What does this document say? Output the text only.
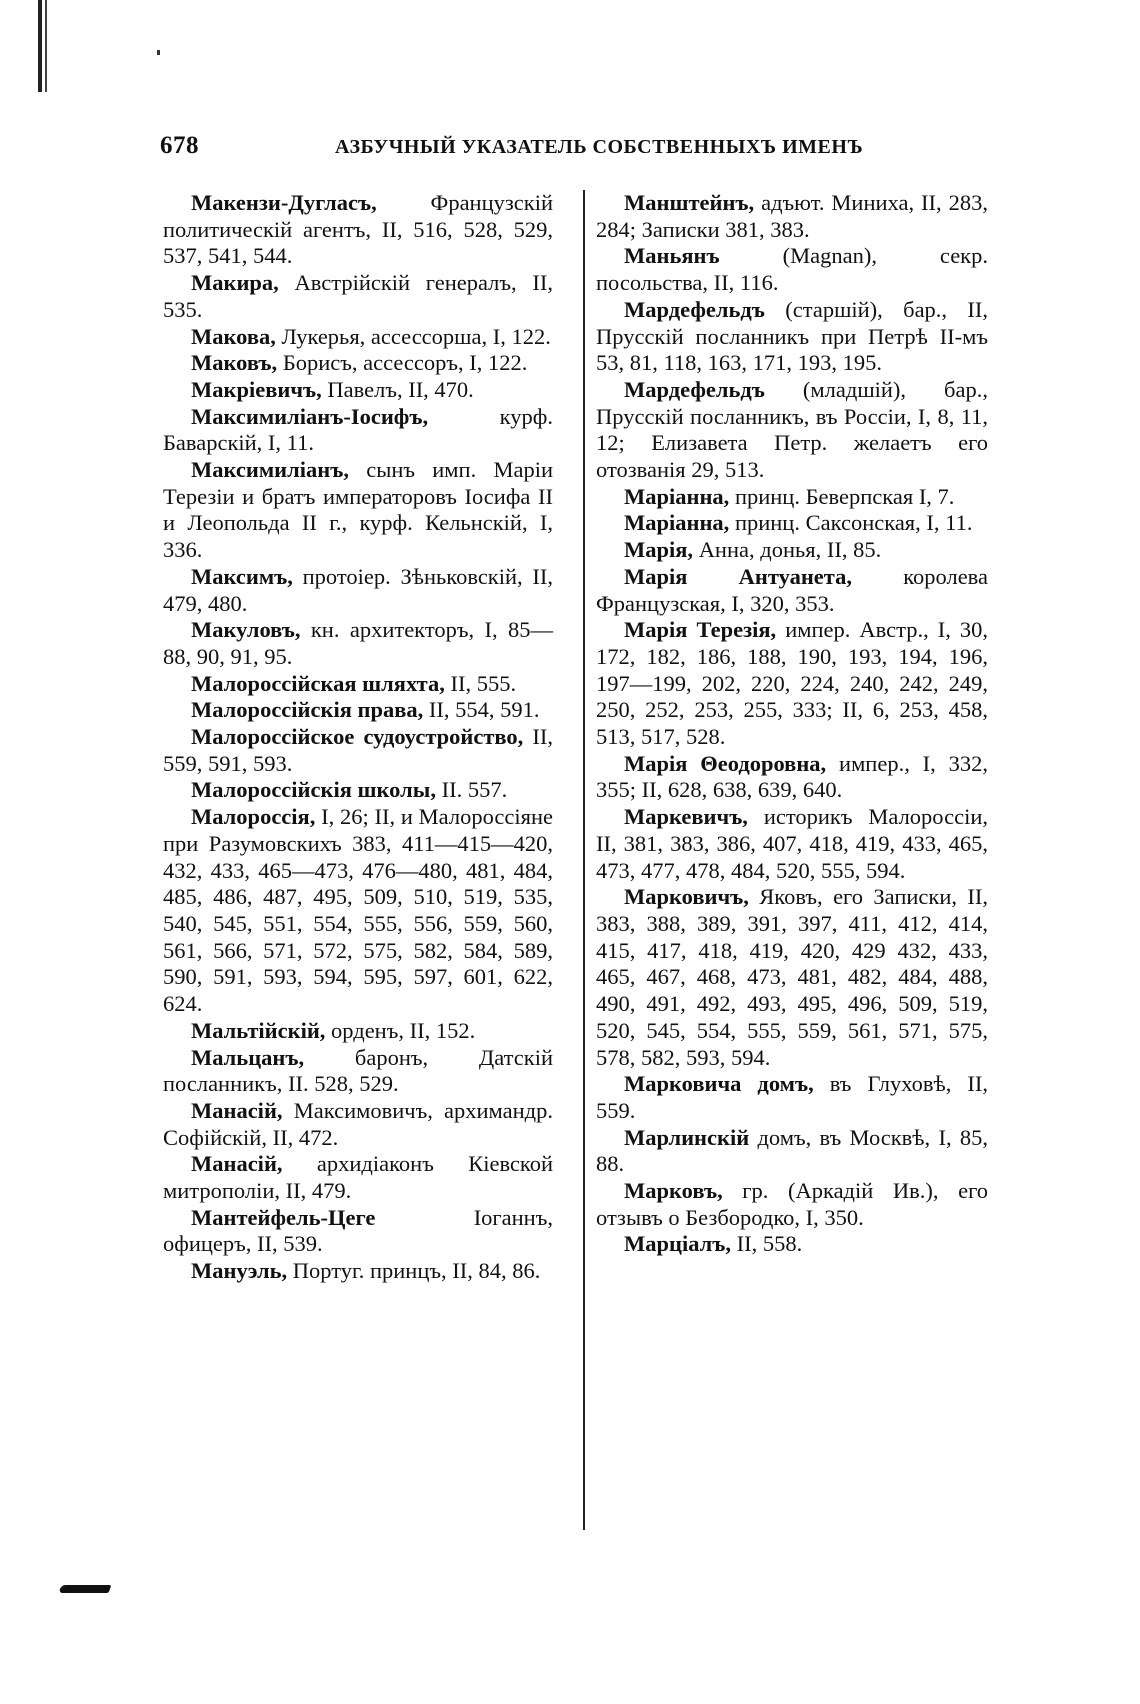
678	АЗБУЧНЫЙ УКАЗАТЕЛЬ СОБСТВЕННЫХЪ ИМЕНЪ

Макензи-Дугласъ, Французскій политическій агентъ, II, 516, 528, 529, 537, 541, 544.

Макира, Австрійскій генералъ, II, 535.

Макова, Лукерья, ассессорша, I, 122.

Маковъ, Борисъ, ассессоръ, I, 122.

Макріевичъ, Павелъ, II, 470.

Максимиліанъ-Іосифъ, курф. Баварскій, I, 11.

Максимиліанъ, сынъ имп. Маріи Терезіи и братъ императоровъ Іосифа II и Леопольда II г., курф. Кельнскій, I, 336.

Максимъ, протоіер. Зѣньковскій, II, 479, 480.

Макуловъ, кн. архитекторъ, I, 85—88, 90, 91, 95.

Малороссійская шляхта, II, 555.

Малороссійскія права, II, 554, 591.

Малороссійское судоустройство, II, 559, 591, 593.

Малороссійскія школы, II. 557.

Малороссія, I, 26; II, и Малороссіяне при Разумовскихъ 383, 411—415—420, 432, 433, 465—473, 476—480, 481, 484, 485, 486, 487, 495, 509, 510, 519, 535, 540, 545, 551, 554, 555, 556, 559, 560, 561, 566, 571, 572, 575, 582, 584, 589, 590, 591, 593, 594, 595, 597, 601, 622, 624.

Мальтійскій, орденъ, II, 152.

Мальцанъ, баронъ, Датскій посланникъ, II. 528, 529.

Манасій, Максимовичъ, архимандр. Софійскій, II, 472.

Манасій, архидіаконъ Кіевской митрополіи, II, 479.

Мантейфель-Цеге Іоганнъ, офицеръ, II, 539.

Мануэль, Португ. принцъ, II, 84, 86.

Манштейнъ, адъют. Миниха, II, 283, 284; Записки 381, 383.

Маньянъ (Magnan), секр. посольства, II, 116.

Мардефельдъ (старшій), бар., II, Прусскій посланникъ при Петрѣ II-мъ 53, 81, 118, 163, 171, 193, 195.

Мардефельдъ (младшій), бар., Прусскій посланникъ, въ Россіи, I, 8, 11, 12; Елизавета Петр. желаетъ его отозванія 29, 513.

Маріанна, принц. Беверпская I, 7.

Маріанна, принц. Саксонская, I, 11.

Марія, Анна, донья, II, 85.

Марія Антуанета, королева Французская, I, 320, 353.

Марія Терезія, импер. Австр., I, 30, 172, 182, 186, 188, 190, 193, 194, 196, 197—199, 202, 220, 224, 240, 242, 249, 250, 252, 253, 255, 333; II, 6, 253, 458, 513, 517, 528.

Марія Θеодоровна, импер., I, 332, 355; II, 628, 638, 639, 640.

Маркевичъ, историкъ Малороссіи, II, 381, 383, 386, 407, 418, 419, 433, 465, 473, 477, 478, 484, 520, 555, 594.

Марковичъ, Яковъ, его Записки, II, 383, 388, 389, 391, 397, 411, 412, 414, 415, 417, 418, 419, 420, 429 432, 433, 465, 467, 468, 473, 481, 482, 484, 488, 490, 491, 492, 493, 495, 496, 509, 519, 520, 545, 554, 555, 559, 561, 571, 575, 578, 582, 593, 594.

Марковича домъ, въ Глуховѣ, II, 559.

Марлинскій домъ, въ Москвѣ, I, 85, 88.

Марковъ, гр. (Аркадій Ив.), его отзывъ о Безбородко, I, 350.

Марціалъ, II, 558.
